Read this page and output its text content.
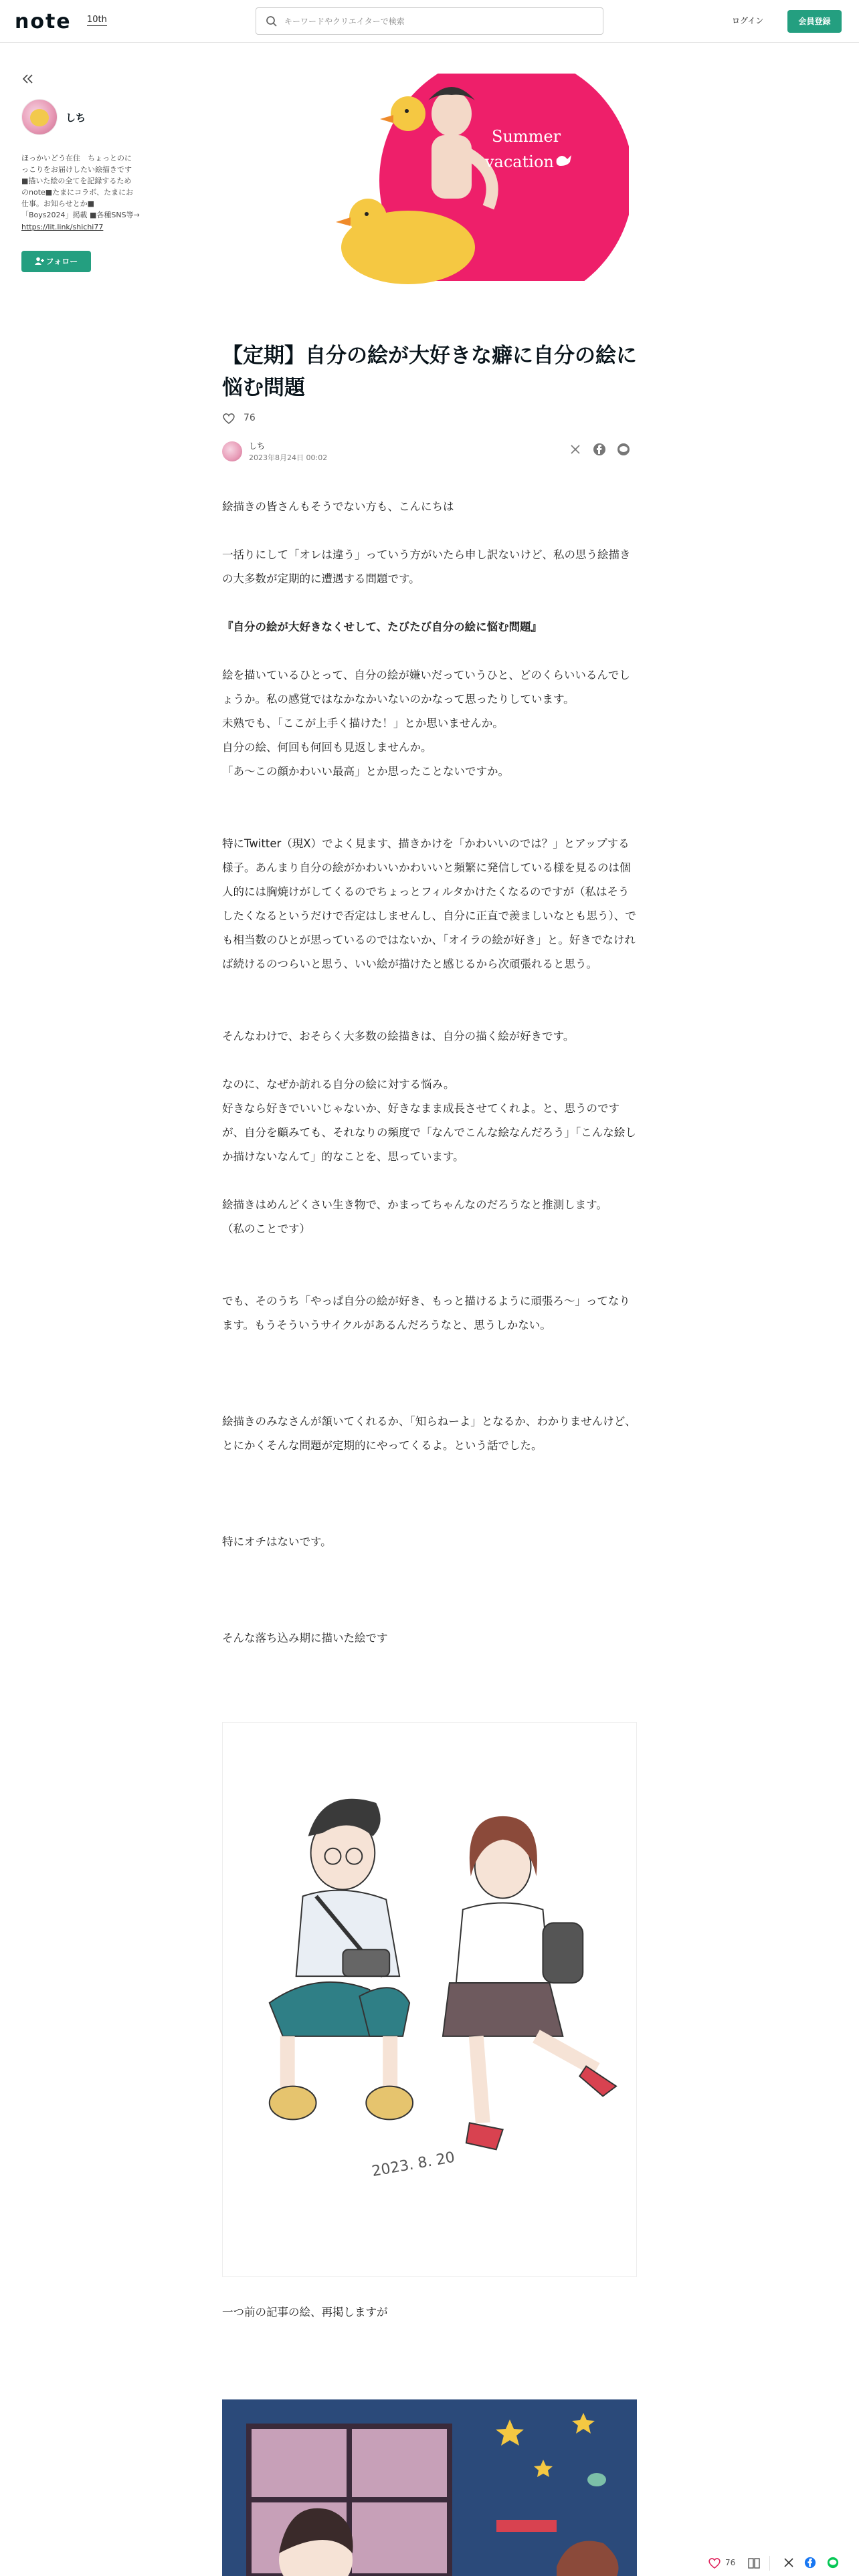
note 10th
キーワードやクリエイターで検索	ログイン	会員登録
しち
ほっかいどう在住　ちょっとのに
っこりをお届けしたい絵描きです
■描いた絵の全てを記録するため
のnote■たまにコラボ、たまにお
仕事。お知らせとか■
「Boys2024」掲載 ■各種SNS等→
https://lit.link/shichi77
フォロー
Summer
vacation
【定期】自分の絵が大好きな癖に自分の絵に悩む問題
76
しち
2023年8月24日 00:02

絵描きの皆さんもそうでない方も、こんにちは

一括りにして「オレは違う」っていう方がいたら申し訳ないけど、私の思う絵描きの大多数が定期的に遭遇する問題です。

『自分の絵が大好きなくせして、たびたび自分の絵に悩む問題』

絵を描いているひとって、自分の絵が嫌いだっていうひと、どのくらいいるんでしょうか。私の感覚ではなかなかいないのかなって思ったりしています。

未熟でも、「ここが上手く描けた！」とか思いませんか。

自分の絵、何回も何回も見返しませんか。

「あ〜この顔かわいい最高」とか思ったことないですか。

特にTwitter（現X）でよく見ます、描きかけを「かわいいのでは？」とアップする様子。あんまり自分の絵がかわいいかわいいと頻繁に発信している様を見るのは個人的には胸焼けがしてくるのでちょっとフィルタかけたくなるのですが（私はそうしたくなるというだけで否定はしませんし、自分に正直で羨ましいなとも思う）、でも相当数のひとが思っているのではないか、「オイラの絵が好き」と。好きでなければ続けるのつらいと思う、いい絵が描けたと感じるから次頑張れると思う。

そんなわけで、おそらく大多数の絵描きは、自分の描く絵が好きです。

なのに、なぜか訪れる自分の絵に対する悩み。

好きなら好きでいいじゃないか、好きなまま成長させてくれよ。と、思うのですが、自分を顧みても、それなりの頻度で「なんでこんな絵なんだろう」「こんな絵しか描けないなんて」的なことを、思っています。

絵描きはめんどくさい生き物で、かまってちゃんなのだろうなと推測します。

（私のことです）

でも、そのうち「やっぱ自分の絵が好き、もっと描けるように頑張ろ〜」ってなります。もうそういうサイクルがあるんだろうなと、思うしかない。

絵描きのみなさんが頷いてくれるか、「知らねーよ」となるか、わかりませんけど、とにかくそんな問題が定期的にやってくるよ。という話でした。

特にオチはないです。

そんな落ち込み期に描いた絵です

2023. 8. 20

一つ前の記事の絵、再掲しますが

76
